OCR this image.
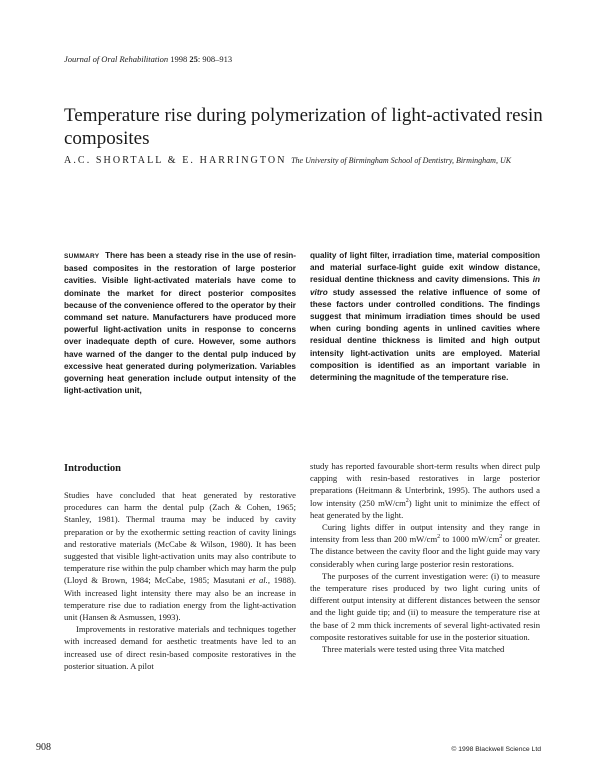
Journal of Oral Rehabilitation 1998 25: 908–913
Temperature rise during polymerization of light-activated resin composites
A.C. SHORTALL & E. HARRINGTON The University of Birmingham School of Dentistry, Birmingham, UK
SUMMARY There has been a steady rise in the use of resin-based composites in the restoration of large posterior cavities. Visible light-activated materials have come to dominate the market for direct posterior composites because of the convenience offered to the operator by their command set nature. Manufacturers have produced more powerful light-activation units in response to concerns over inadequate depth of cure. However, some authors have warned of the danger to the dental pulp induced by excessive heat generated during polymerization. Variables governing heat generation include output intensity of the light-activation unit,
quality of light filter, irradiation time, material composition and material surface-light guide exit window distance, residual dentine thickness and cavity dimensions. This in vitro study assessed the relative influence of some of these factors under controlled conditions. The findings suggest that minimum irradiation times should be used when curing bonding agents in unlined cavities where residual dentine thickness is limited and high output intensity light-activation units are employed. Material composition is identified as an important variable in determining the magnitude of the temperature rise.
Introduction

Studies have concluded that heat generated by restorative procedures can harm the dental pulp (Zach & Cohen, 1965; Stanley, 1981). Thermal trauma may be induced by cavity preparation or by the exothermic setting reaction of cavity linings and restorative materials (McCabe & Wilson, 1980). It has been suggested that visible light-activation units may also contribute to temperature rise within the pulp chamber which may harm the pulp (Lloyd & Brown, 1984; McCabe, 1985; Masutani et al., 1988). With increased light intensity there may also be an increase in temperature rise due to radiation energy from the light-activation unit (Hansen & Asmussen, 1993).

Improvements in restorative materials and techniques together with increased demand for aesthetic treatments have led to an increased use of direct resin-based composite restoratives in the posterior situation. A pilot

study has reported favourable short-term results when direct pulp capping with resin-based restoratives in large posterior preparations (Heitmann & Unterbrink, 1995). The authors used a low intensity (250 $mW/cm^2$) light unit to minimize the effect of heat generated by the light.

Curing lights differ in output intensity and they range in intensity from less than 200 $mW/cm^2$ to 1000 $mW/cm^2$ or greater. The distance between the cavity floor and the light guide may vary considerably when curing large posterior resin restorations.

The purposes of the current investigation were: (i) to measure the temperature rises produced by two light curing units of different output intensity at different distances between the sensor and the light guide tip; and (ii) to measure the temperature rise at the base of 2 mm thick increments of several light-activated resin composite restoratives suitable for use in the posterior situation.

Three materials were tested using three Vita matched

908	© 1998 Blackwell Science Ltd
